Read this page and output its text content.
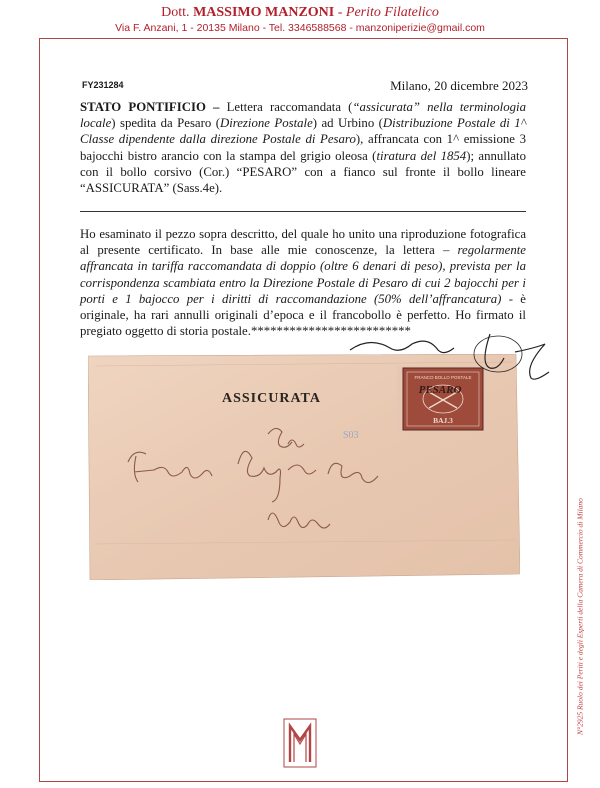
Dott. MASSIMO MANZONI - Perito Filatelico
Via F. Anzani, 1 - 20135 Milano - Tel. 3346588568 - manzoniperizie@gmail.com
FY231284	Milano, 20 dicembre 2023
STATO PONTIFICIO – Lettera raccomandata (“assicurata” nella terminologia locale) spedita da Pesaro (Direzione Postale) ad Urbino (Distribuzione Postale di 1^ Classe dipendente dalla direzione Postale di Pesaro), affrancata con 1^ emissione 3 bajocchi bistro arancio con la stampa del grigio oleosa (tiratura del 1854); annullato con il bollo corsivo (Cor.) “PESARO” con a fianco sul fronte il bollo lineare “ASSICURATA” (Sass.4e).
Ho esaminato il pezzo sopra descritto, del quale ho unito una riproduzione fotografica al presente certificato. In base alle mie conoscenze, la lettera – regolarmente affrancata in tariffa raccomandata di doppio (oltre 6 denari di peso), prevista per la corrispondenza scambiata entro la Direzione Postale di Pesaro di cui 2 bajocchi per i porti e 1 bajocco per i diritti di raccomandazione (50% dell’affrancatura) - è originale, ha rari annulli originali d’epoca e il francobollo è perfetto. Ho firmato il pregiato oggetto di storia postale.*************************
ASSICURATA
S03
FRANCO BOLLO POSTALE
BAJ.3
PESARO
N°2925 Ruolo dei Periti e degli Esperti della Camera di Commercio di Milano
